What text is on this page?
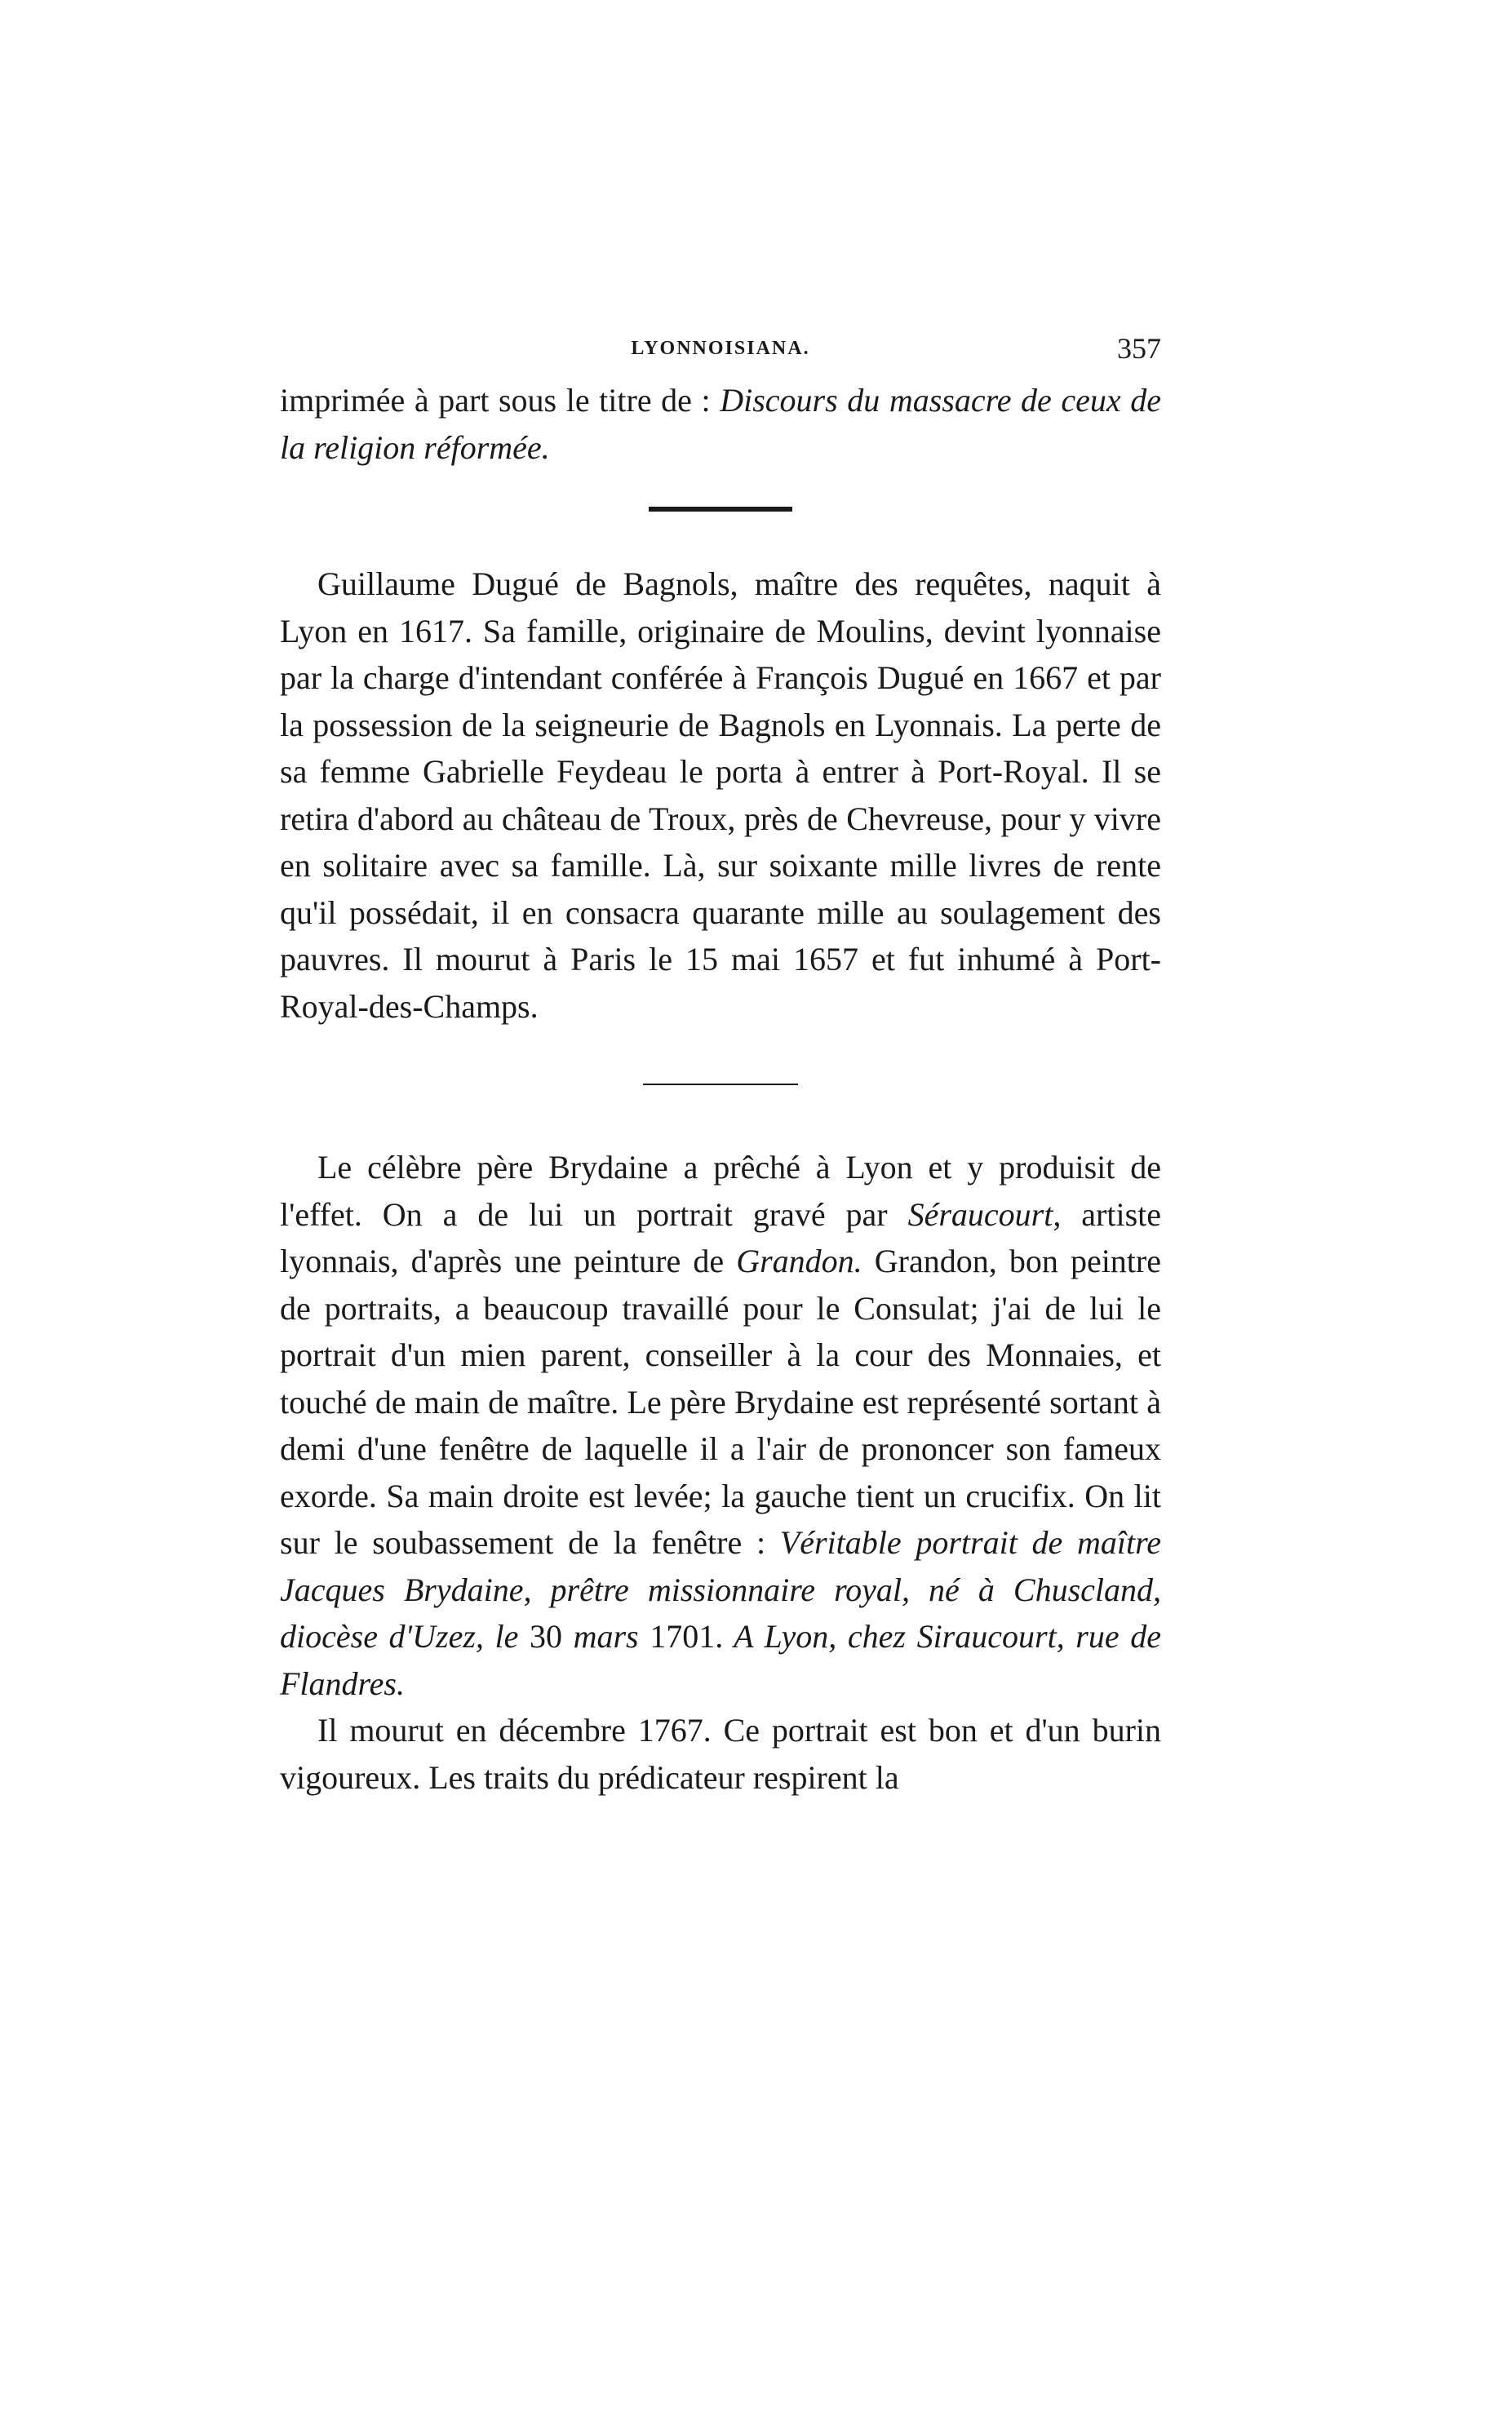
LYONNOISIANA.	357

imprimée à part sous le titre de : Discours du massacre de ceux de la religion réformée.

Guillaume Dugué de Bagnols, maître des requêtes, naquit à Lyon en 1617. Sa famille, originaire de Moulins, devint lyonnaise par la charge d'intendant conférée à François Dugué en 1667 et par la possession de la seigneurie de Bagnols en Lyonnais. La perte de sa femme Gabrielle Feydeau le porta à entrer à Port-Royal. Il se retira d'abord au château de Troux, près de Chevreuse, pour y vivre en solitaire avec sa famille. Là, sur soixante mille livres de rente qu'il possédait, il en consacra quarante mille au soulagement des pauvres. Il mourut à Paris le 15 mai 1657 et fut inhumé à Port-Royal-des-Champs.

Le célèbre père Brydaine a prêché à Lyon et y produisit de l'effet. On a de lui un portrait gravé par Séraucourt, artiste lyonnais, d'après une peinture de Grandon. Grandon, bon peintre de portraits, a beaucoup travaillé pour le Consulat; j'ai de lui le portrait d'un mien parent, conseiller à la cour des Monnaies, et touché de main de maître. Le père Brydaine est représenté sortant à demi d'une fenêtre de laquelle il a l'air de prononcer son fameux exorde. Sa main droite est levée; la gauche tient un crucifix. On lit sur le soubassement de la fenêtre : Véritable portrait de maître Jacques Brydaine, prêtre missionnaire royal, né à Chuscland, diocèse d'Uzez, le 30 mars 1701. A Lyon, chez Siraucourt, rue de Flandres.

Il mourut en décembre 1767. Ce portrait est bon et d'un burin vigoureux. Les traits du prédicateur respirent la
